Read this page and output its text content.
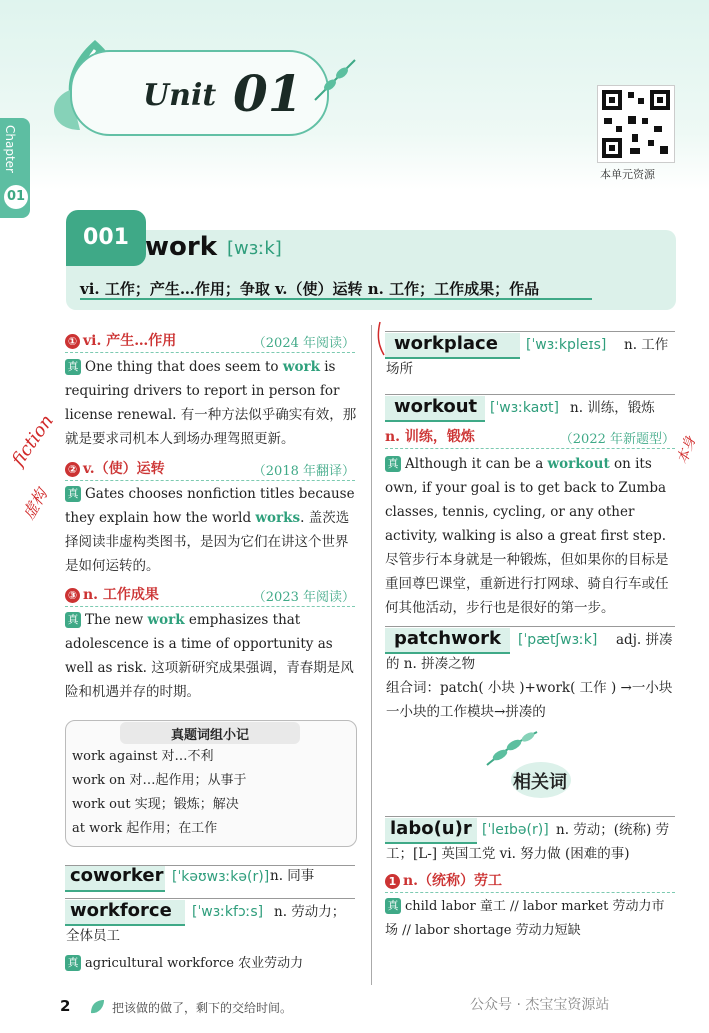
Unit 01
本单元资源
Chapter
01
001 work [wɜːk]
vi. 工作；产生…作用；争取 v.（使）运转 n. 工作；工作成果；作品
① vi. 产生…作用	（2024 年阅读）
真 One thing that does seem to work is requiring drivers to report in person for license renewal. 有一种方法似乎确实有效，那就是要求司机本人到场办理驾照更新。
② v.（使）运转	（2018 年翻译）
真 Gates chooses nonfiction titles because they explain how the world works. 盖茨选择阅读非虚构类图书，是因为它们在讲这个世界是如何运转的。
③ n. 工作成果	（2023 年阅读）
真 The new work emphasizes that adolescence is a time of opportunity as well as risk. 这项新研究成果强调，青春期是风险和机遇并存的时期。
真题词组小记
work against 对…不利
work on 对…起作用；从事于
work out 实现；锻炼；解决
at work 起作用；在工作
coworker [ˈkəʊwɜːkə(r)] n. 同事
workforce [ˈwɜːkfɔːs] n. 劳动力；全体员工
真 agricultural workforce 农业劳动力
workplace [ˈwɜːkpleɪs]	n. 工作场所
workout [ˈwɜːkaʊt] n. 训练，锻炼
n. 训练，锻炼	（2022 年新题型）
真 Although it can be a workout on its own, if your goal is to get back to Zumba classes, tennis, cycling, or any other activity, walking is also a great first step. 尽管步行本身就是一种锻炼，但如果你的目标是重回尊巴课堂，重新进行打网球、骑自行车或任何其他活动，步行也是很好的第一步。
patchwork [ˈpætʃwɜːk]	adj. 拼凑的 n. 拼凑之物
组合词：patch( 小块 )+work( 工作 ) →一小块一小块的工作模块→拼凑的
相关词
labo(u)r [ˈleɪbə(r)] n. 劳动；(统称) 劳工；[L-] 英国工党 vi. 努力做 (困难的事)
1 n.（统称）劳工
真 child labor 童工 // labor market 劳动力市场 // labor shortage 劳动力短缺
fiction
虚构
本身
2	把该做的做了，剩下的交给时间。	公众号 · 杰宝宝资源站
